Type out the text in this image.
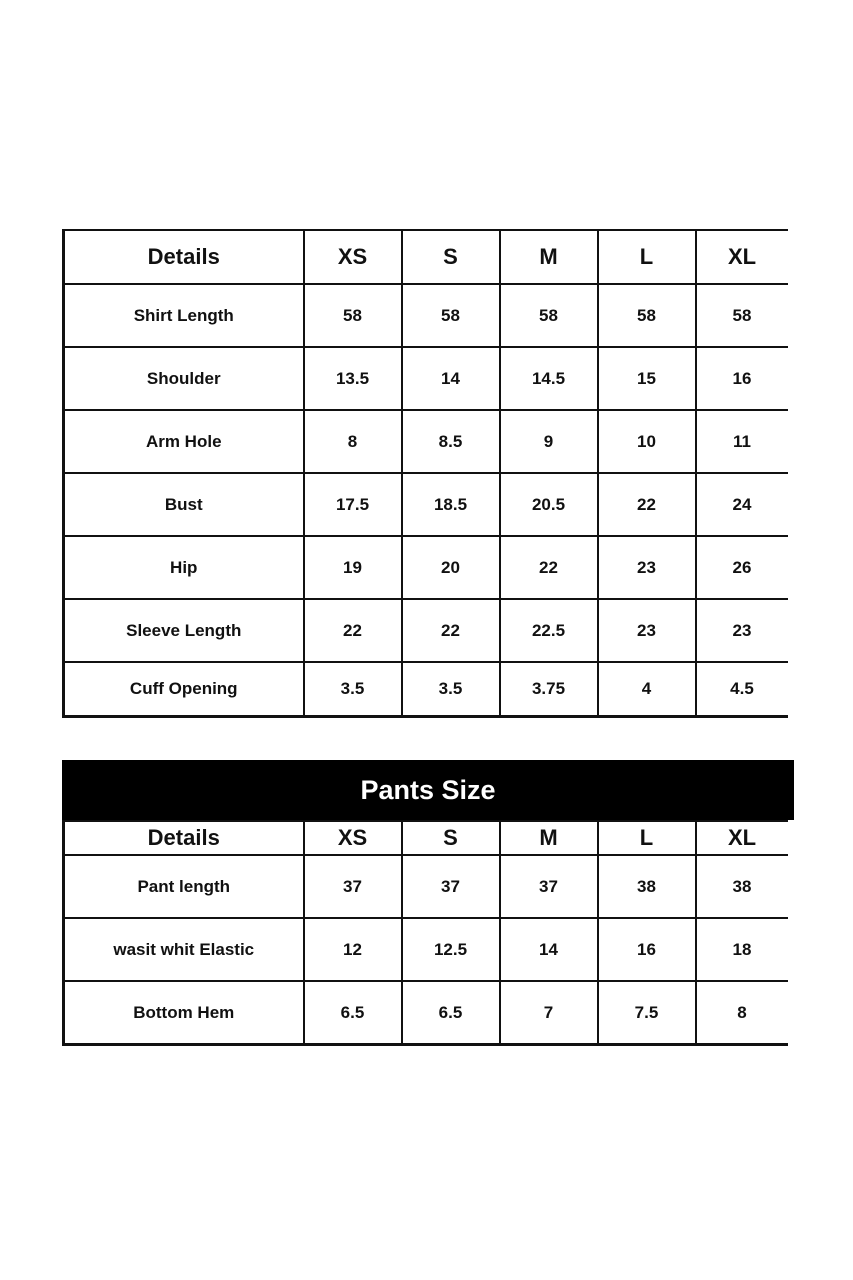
Details	XS	S	M	L	XL
Shirt Length	58	58	58	58	58
Shoulder	13.5	14	14.5	15	16
Arm Hole	8	8.5	9	10	11
Bust	17.5	18.5	20.5	22	24
Hip	19	20	22	23	26
Sleeve Length	22	22	22.5	23	23
Cuff Opening	3.5	3.5	3.75	4	4.5
Pants Size
Details	XS	S	M	L	XL
Pant length	37	37	37	38	38
wasit whit Elastic	12	12.5	14	16	18
Bottom Hem	6.5	6.5	7	7.5	8
